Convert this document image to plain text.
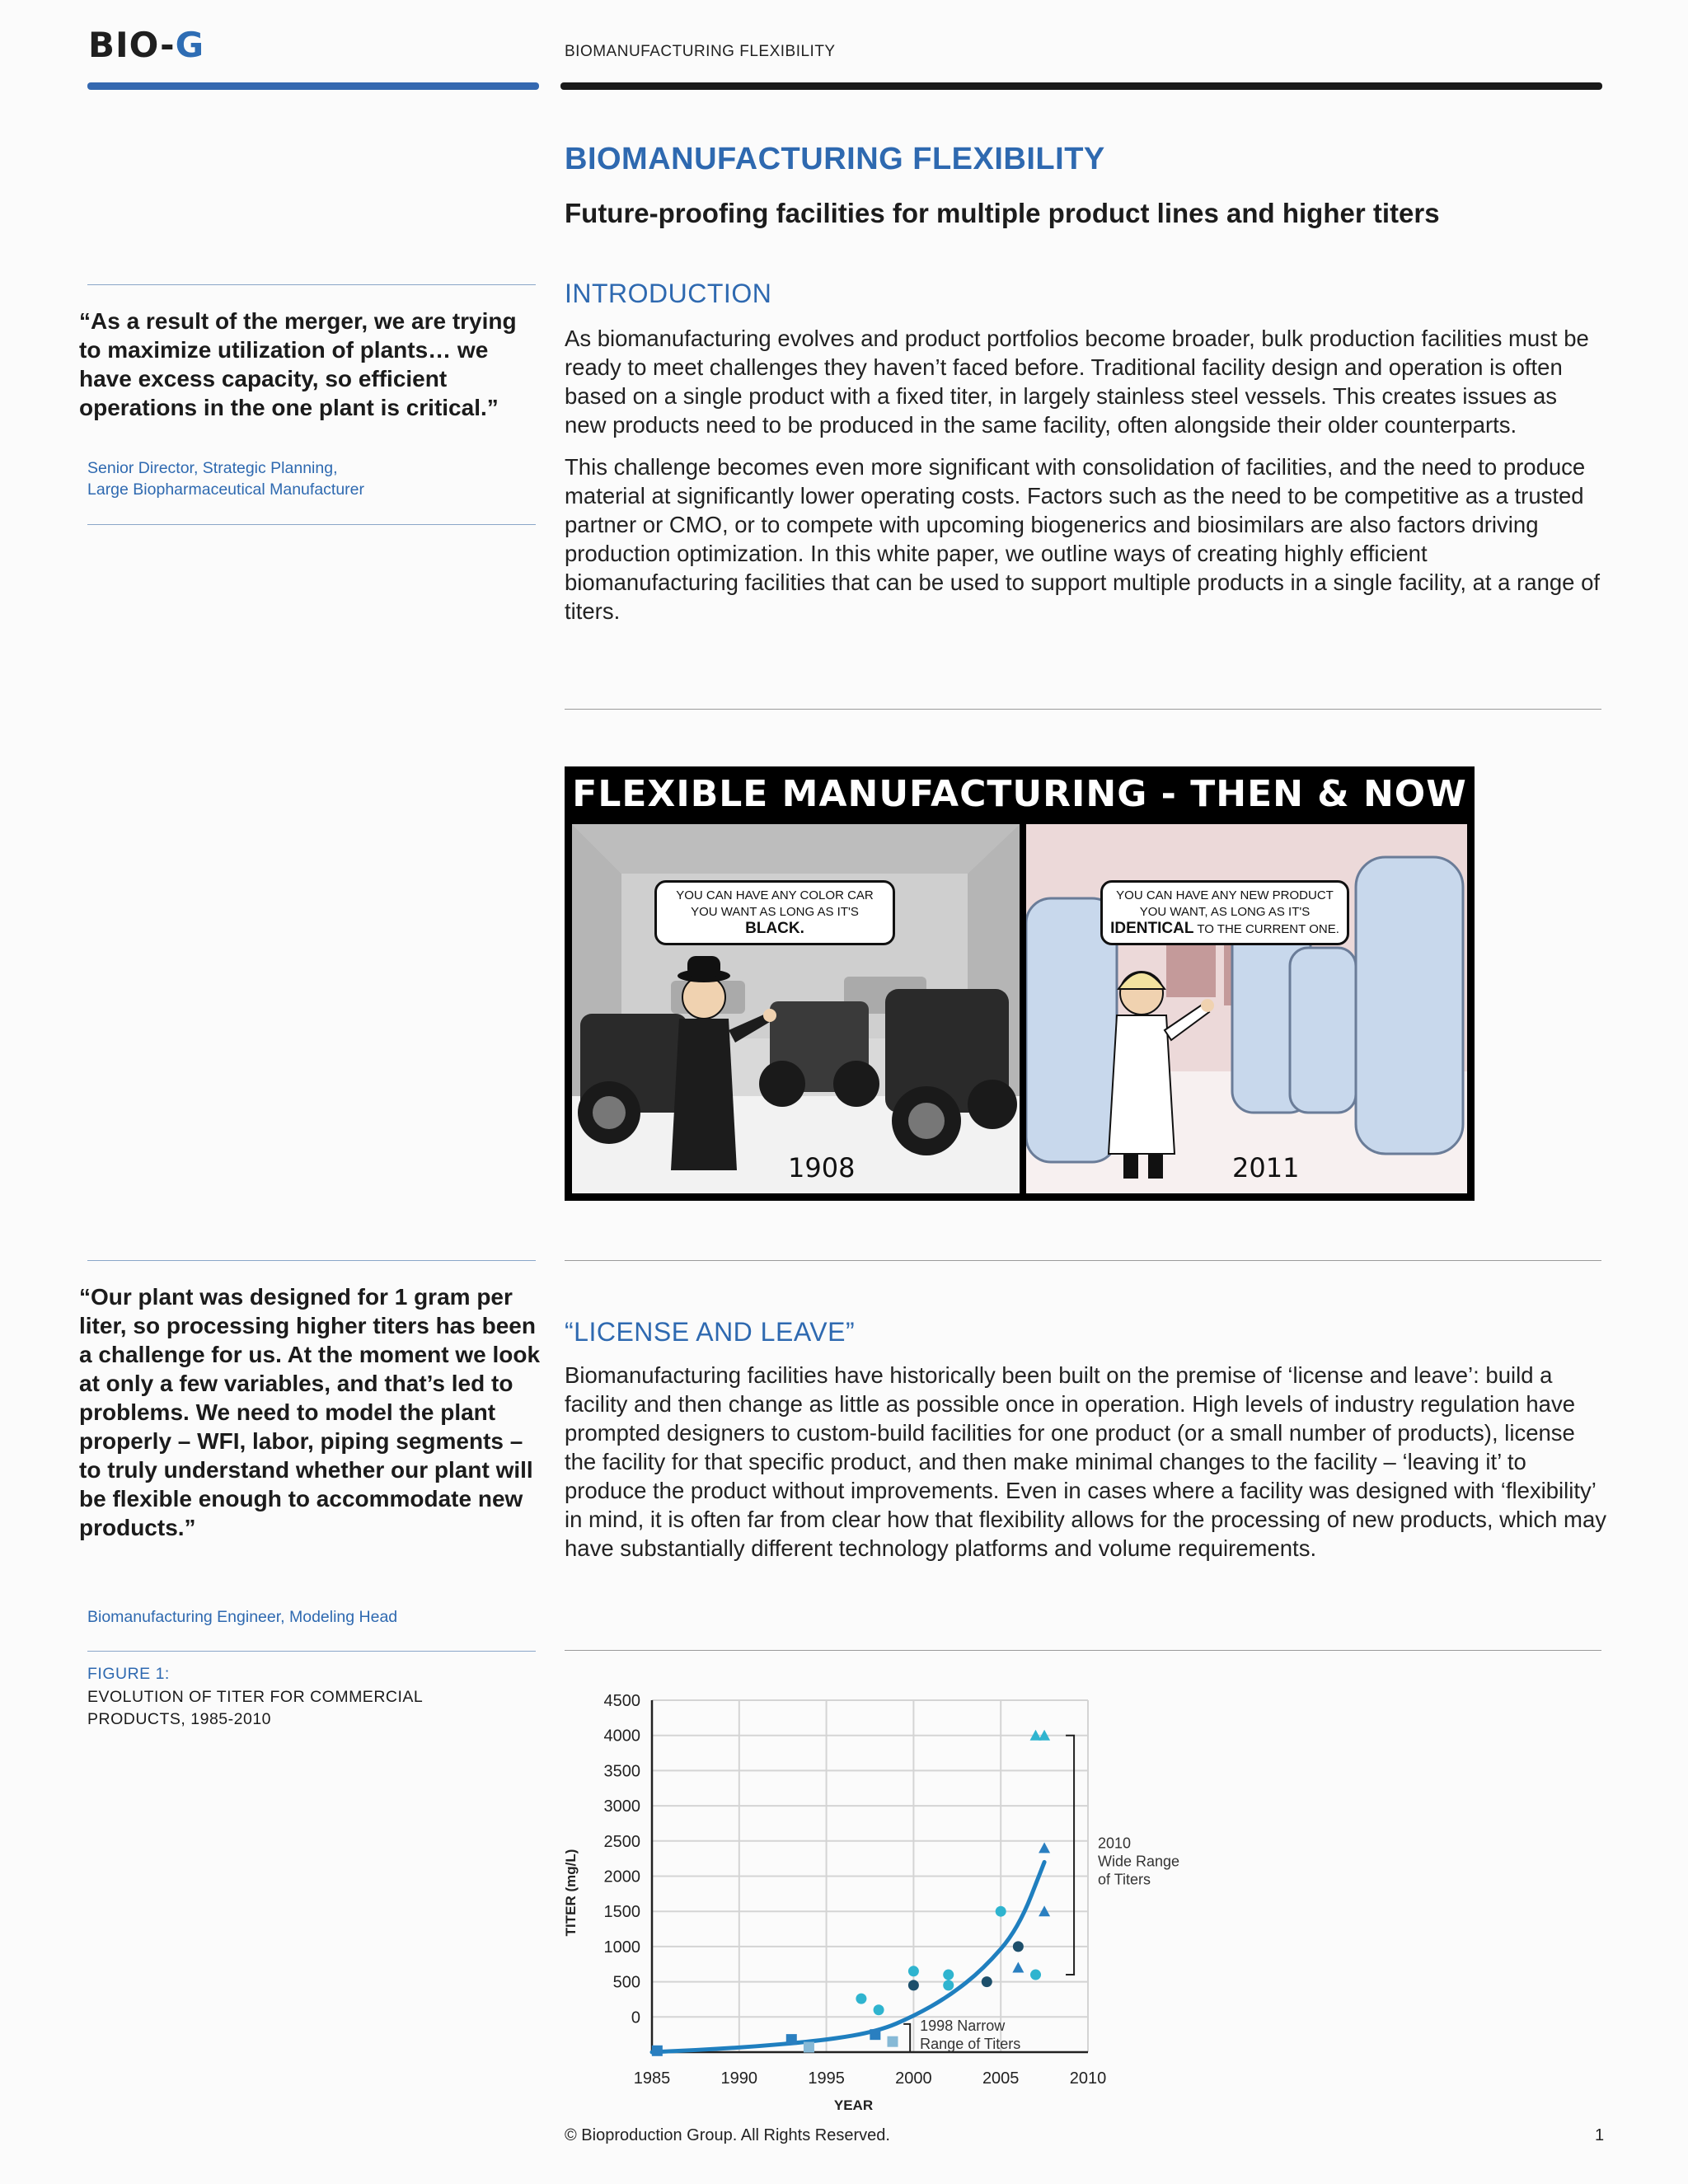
BIO-G	BIOMANUFACTURING FLEXIBILITY
BIOMANUFACTURING FLEXIBILITY
Future-proofing facilities for multiple product lines and higher titers
“As a result of the merger, we are trying to maximize utilization of plants… we have excess capacity, so efficient operations in the one plant is critical.”
Senior Director, Strategic Planning,
Large Biopharmaceutical Manufacturer
INTRODUCTION

As biomanufacturing evolves and product portfolios become broader, bulk production facilities must be ready to meet challenges they haven’t faced before. Traditional facility design and operation is often based on a single product with a fixed titer, in largely stainless steel vessels. This creates issues as new products need to be produced in the same facility, often alongside their older counterparts.

This challenge becomes even more significant with consolidation of facilities, and the need to produce material at significantly lower operating costs. Factors such as the need to be competitive as a trusted partner or CMO, or to compete with upcoming biogenerics and biosimilars are also factors driving production optimization. In this white paper, we outline ways of creating highly efficient biomanufacturing facilities that can be used to support multiple products in a single facility, at a range of titers.

FLEXIBLE MANUFACTURING - THEN & NOW
YOU CAN HAVE ANY COLOR CAR YOU WANT AS LONG AS IT'S BLACK.
1908
YOU CAN HAVE ANY NEW PRODUCT YOU WANT, AS LONG AS IT'S IDENTICAL TO THE CURRENT ONE.
2011
“Our plant was designed for 1 gram per liter, so processing higher titers has been a challenge for us. At the moment we look at only a few variables, and that’s led to problems. We need to model the plant properly – WFI, labor, piping segments – to truly understand whether our plant will be flexible enough to accommodate new products.”
Biomanufacturing Engineer, Modeling Head
“LICENSE AND LEAVE”

Biomanufacturing facilities have historically been built on the premise of ‘license and leave’: build a facility and then change as little as possible once in operation. High levels of industry regulation have prompted designers to custom-build facilities for one product (or a small number of products), license the facility for that specific product, and then make minimal changes to the facility – ‘leaving it’ to produce the product without improvements. Even in cases where a facility was designed with ‘flexibility’ in mind, it is often far from clear how that flexibility allows for the processing of new products, which may have substantially different technology platforms and volume requirements.

FIGURE 1:
EVOLUTION OF TITER FOR COMMERCIAL PRODUCTS, 1985-2010
0
500
1000
1500
2000
2500
3000
3500
4000
4500
1985	1990	1995	2000	2005	2010
YEAR
TITER (mg/L)
1998 Narrow
Range of Titers
2010
Wide Range
of Titers
© Bioproduction Group. All Rights Reserved.	1
